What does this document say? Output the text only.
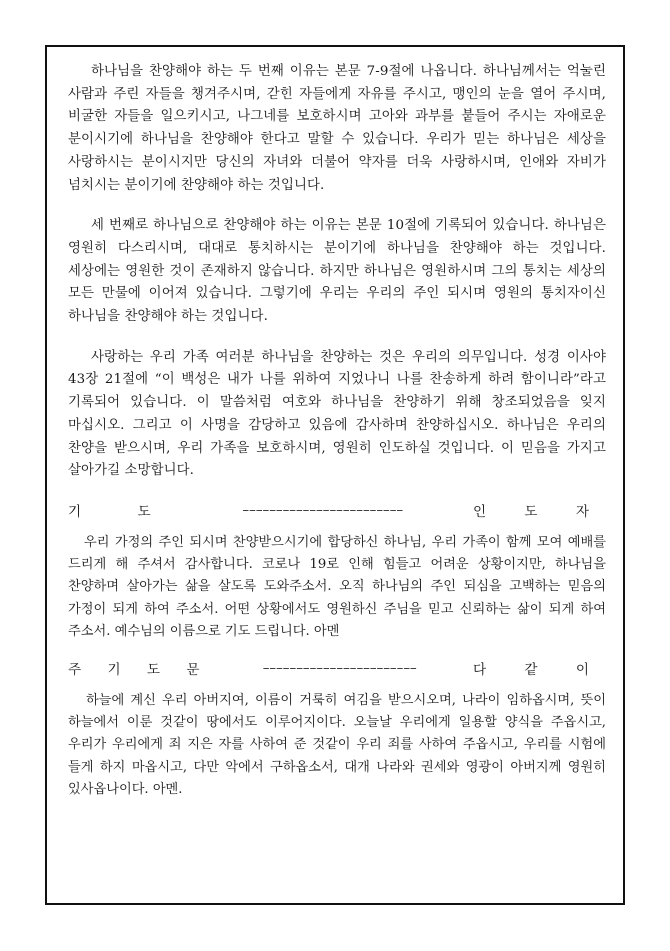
하나님을 찬양해야 하는 두 번째 이유는 본문 7-9절에 나옵니다. 하나님께서는 억눌린 사람과 주린 자들을 챙겨주시며, 갇힌 자들에게 자유를 주시고, 맹인의 눈을 열어 주시며, 비굴한 자들을 일으키시고, 나그네를 보호하시며 고아와 과부를 붙들어 주시는 자애로운 분이시기에 하나님을 찬양해야 한다고 말할 수 있습니다. 우리가 믿는 하나님은 세상을 사랑하시는 분이시지만 당신의 자녀와 더불어 약자를 더욱 사랑하시며, 인애와 자비가 넘치시는 분이기에 찬양해야 하는 것입니다.

세 번째로 하나님으로 찬양해야 하는 이유는 본문 10절에 기록되어 있습니다. 하나님은 영원히 다스리시며, 대대로 통치하시는 분이기에 하나님을 찬양해야 하는 것입니다. 세상에는 영원한 것이 존재하지 않습니다. 하지만 하나님은 영원하시며 그의 통치는 세상의 모든 만물에 이어져 있습니다. 그렇기에 우리는 우리의 주인 되시며 영원의 통치자이신 하나님을 찬양해야 하는 것입니다.

사랑하는 우리 가족 여러분 하나님을 찬양하는 것은 우리의 의무입니다. 성경 이사야 43장 21절에 “이 백성은 내가 나를 위하여 지었나니 나를 찬송하게 하려 함이니라”라고 기록되어 있습니다. 이 말씀처럼 여호와 하나님을 찬양하기 위해 창조되었음을 잊지 마십시오. 그리고 이 사명을 감당하고 있음에 감사하며 찬양하십시오. 하나님은 우리의 찬양을 받으시며, 우리 가족을 보호하시며, 영원히 인도하실 것입니다. 이 믿음을 가지고 살아가길 소망합니다.

기 도	––––––––––––––––––––––––	인 도 자

우리 가정의 주인 되시며 찬양받으시기에 합당하신 하나님, 우리 가족이 함께 모여 예배를 드리게 해 주셔서 감사합니다. 코로나 19로 인해 힘들고 어려운 상황이지만, 하나님을 찬양하며 살아가는 삶을 살도록 도와주소서. 오직 하나님의 주인 되심을 고백하는 믿음의 가정이 되게 하여 주소서. 어떤 상황에서도 영원하신 주님을 믿고 신뢰하는 삶이 되게 하여 주소서. 예수님의 이름으로 기도 드립니다. 아멘

주 기 도 문	–––––––––––––––––––––––	다 같 이

하늘에 계신 우리 아버지여, 이름이 거룩히 여김을 받으시오며, 나라이 임하옵시며, 뜻이 하늘에서 이룬 것같이 땅에서도 이루어지이다. 오늘날 우리에게 일용할 양식을 주옵시고, 우리가 우리에게 죄 지은 자를 사하여 준 것같이 우리 죄를 사하여 주옵시고, 우리를 시험에 들게 하지 마옵시고, 다만 악에서 구하옵소서, 대개 나라와 권세와 영광이 아버지께 영원히 있사옵나이다. 아멘.
